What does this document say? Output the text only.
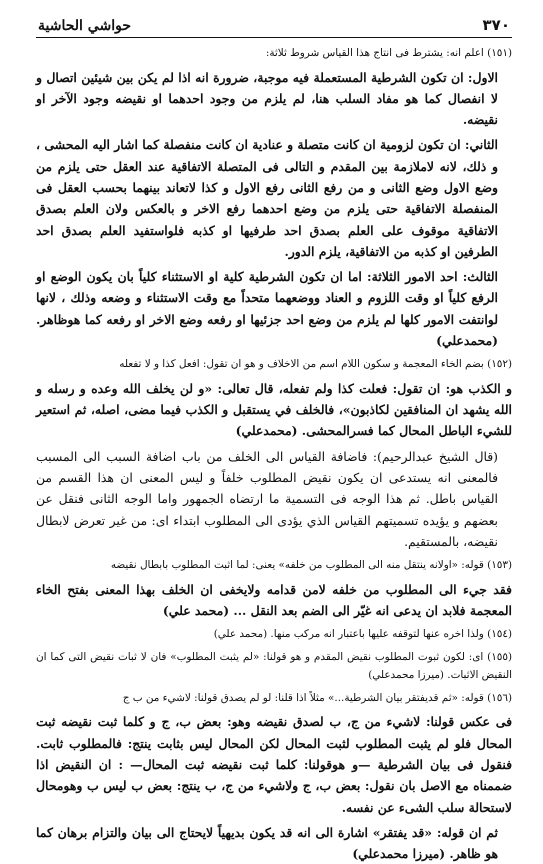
٣٧٠
حواشي الحاشية

(١٥١) اعلم انه: يشترط فى انتاج هذا القياس شروط ثلاثة:

الاول: ان تكون الشرطية المستعملة فيه موجبة، ضرورة انه اذا لم يكن بين شيئين اتصال و لا انفصال كما هو مفاد السلب هنا، لم يلزم من وجود احدهما او نقيضه وجود الآخر او نقيضه.

الثاني: ان تكون لزومية ان كانت متصلة و عنادية ان كانت منفصلة كما اشار اليه المحشى ، و ذلك، لانه لاملازمة بين المقدم و التالى فى المتصلة الاتفاقية عند العقل حتى يلزم من وضع الاول وضع الثانى و من رفع الثانى رفع الاول و كذا لاتعاند بينهما بحسب العقل فى المنفصلة الاتفاقية حتى يلزم من وضع احدهما رفع الاخر و بالعكس ولان العلم بصدق الاتفاقية موقوف على العلم بصدق احد طرفيها او كذبه فلواستفيد العلم بصدق احد الطرفين او كذبه من الاتفاقية، يلزم الدور.

الثالث: احد الامور الثلاثة: اما ان تكون الشرطية كلية او الاستثناء كلياً بان يكون الوضع او الرفع كلياً او وقت اللزوم و العناد ووضعهما متحداً مع وقت الاستثناء و وضعه وذلك ، لانها لوانتفت الامور كلها لم يلزم من وضع احد جزئيها او رفعه وضع الاخر او رفعه كما هوظاهر. (محمدعلي)

(١٥٢) بضم الخاء المعجمة و سكون اللام اسم من الاخلاف و هو ان تقول: افعل كذا و لا تفعله

و الكذب هو: ان تقول: فعلت كذا ولم تفعله، قال تعالى: «و لن يخلف الله وعده و رسله و الله يشهد ان المنافقين لكاذبون»، فالخلف في يستقبل و الكذب فيما مضى، اصله، ثم استعير للشيء الباطل المحال كما فسرالمحشى. (محمدعلي)

(قال الشيخ عبدالرحيم): فاضافة القياس الى الخلف من باب اضافة السبب الى المسبب فالمعنى انه يستدعى ان يكون نقيض المطلوب خلفاً و ليس المعنى ان هذا القسم من القياس باطل. ثم هذا الوجه فى التسمية ما ارتضاه الجمهور واما الوجه الثانى فنقل عن بعضهم و يؤيده تسميتهم القياس الذي يؤدى الى المطلوب ابتداء اى: من غير تعرض لابطال نقيضه، بالمستقيم.

(١٥٣) قوله: «اولانه ينتقل منه الى المطلوب من خلفه» يعنى: لما اثبت المطلوب بابطال نقيضه

فقد جيء الى المطلوب من خلفه لامن قدامه ولايخفى ان الخلف بهذا المعنى بفتح الخاء المعجمة فلابد ان يدعى انه غيّر الى الضم بعد النقل ... (محمد علي)

(١٥٤) ولذا اخره عنها لتوقفه عليها باعتبار انه مركب منها. (محمد علي)

(١٥٥) اى: لكون ثبوت المطلوب نقيض المقدم و هو قولنا: «لم يثبت المطلوب» فان لا ثبات نقيض التى كما ان النقيض الاثبات. (ميرزا محمدعلي)

(١٥٦) قوله: «ثم قديفتقر بيان الشرطية...» مثلاً اذا قلنا: لو لم يصدق قولنا: لاشيء من ب ج

فى عكس قولنا: لاشيء من ج، ب لصدق نقيضه وهو: بعض ب، ج و كلما ثبت نقيضه ثبت المحال فلو لم يثبت المطلوب لثبت المحال لكن المحال ليس بثابت ينتج: فالمطلوب ثابت. فنقول فى بيان الشرطية —و هوقولنا: كلما ثبت نقيضه ثبت المحال— : ان النقيض اذا ضممناه مع الاصل بان نقول: بعض ب، ج ولاشيء من ج، ب ينتج: بعض ب ليس ب وهومحال لاستحالة سلب الشىء عن نفسه.

ثم ان قوله: «قد يفتقر» اشارة الى انه قد يكون بديهياً لايحتاج الى بيان والتزام برهان كما هو ظاهر. (ميرزا محمدعلي)
